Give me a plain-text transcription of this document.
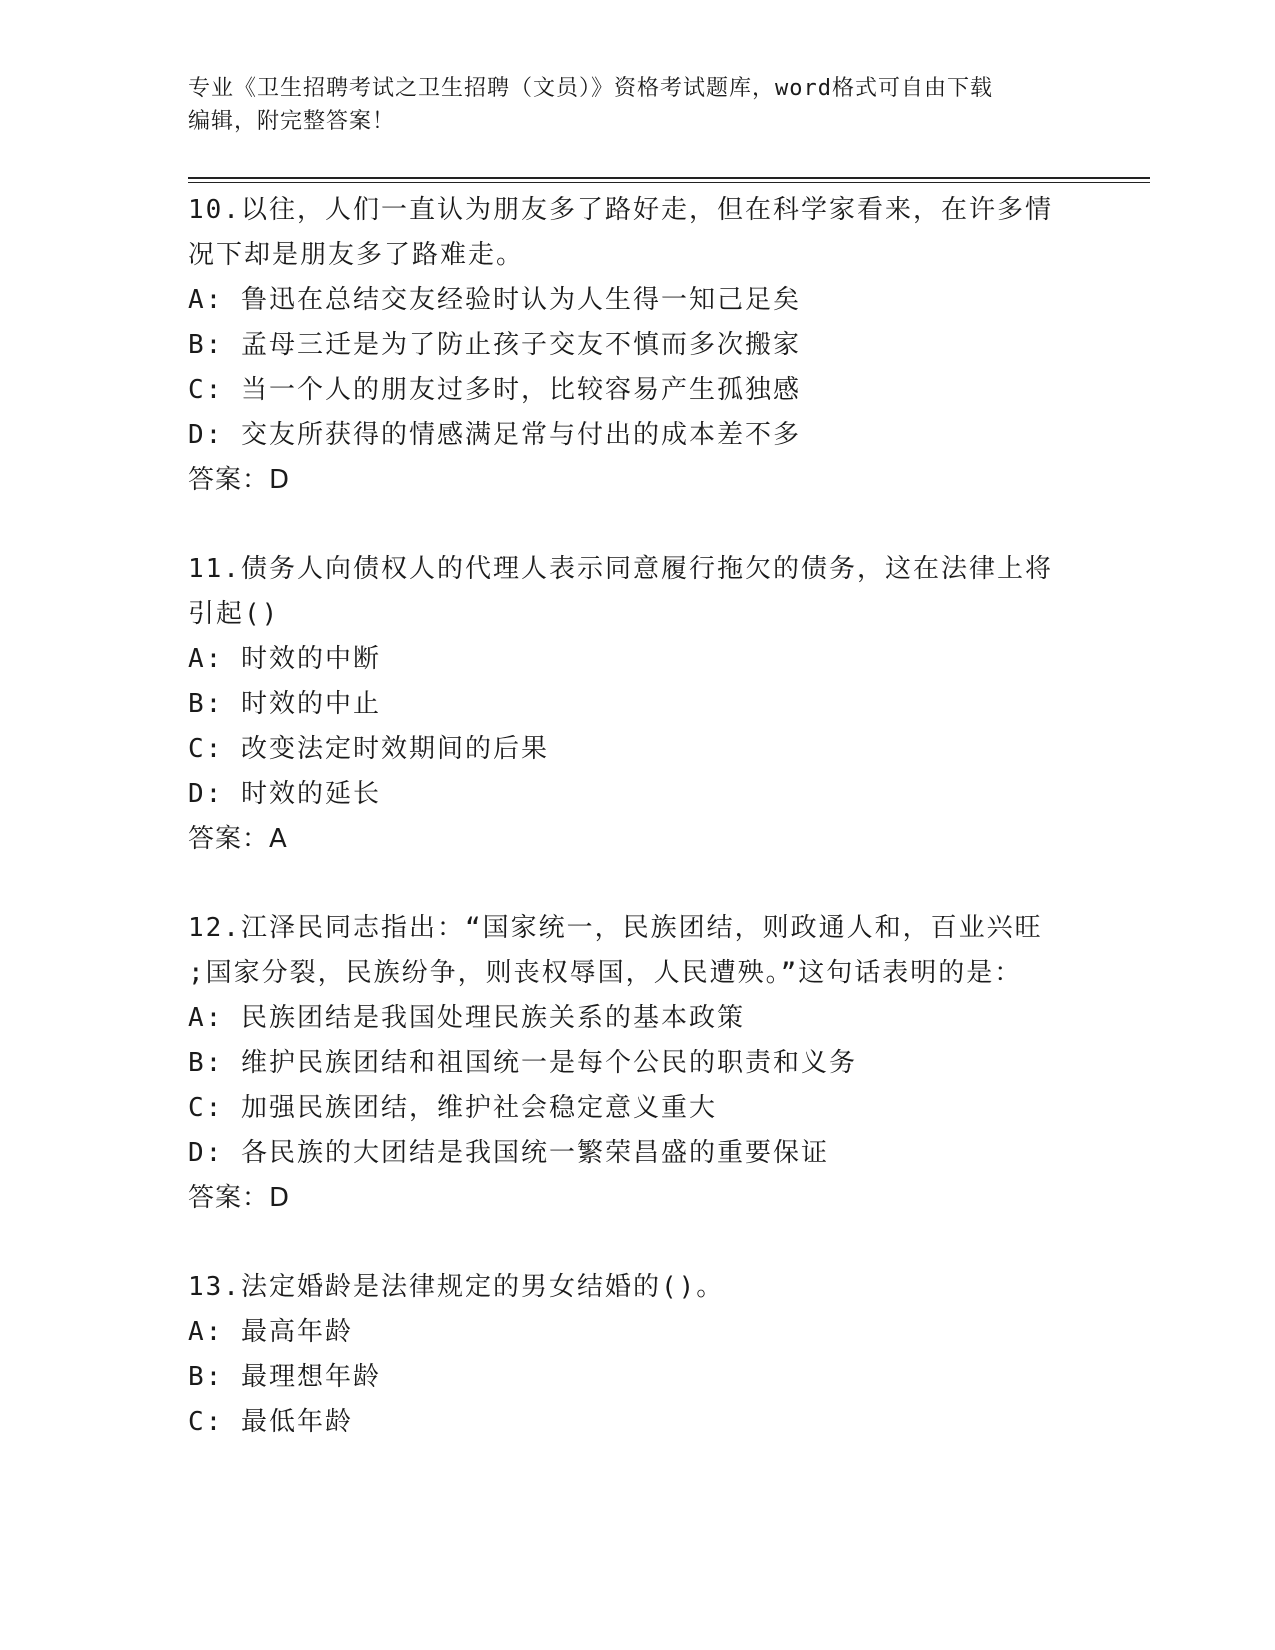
专业《卫生招聘考试之卫生招聘（文员）》资格考试题库，word格式可自由下载
编辑，附完整答案！
10.以往，人们一直认为朋友多了路好走，但在科学家看来，在许多情
况下却是朋友多了路难走。
A: 鲁迅在总结交友经验时认为人生得一知己足矣
B: 孟母三迁是为了防止孩子交友不慎而多次搬家
C: 当一个人的朋友过多时，比较容易产生孤独感
D: 交友所获得的情感满足常与付出的成本差不多
答案：D
11.债务人向债权人的代理人表示同意履行拖欠的债务，这在法律上将
引起()
A: 时效的中断
B: 时效的中止
C: 改变法定时效期间的后果
D: 时效的延长
答案：A
12.江泽民同志指出：“国家统一，民族团结，则政通人和，百业兴旺
;国家分裂，民族纷争，则丧权辱国，人民遭殃。”这句话表明的是：
A: 民族团结是我国处理民族关系的基本政策
B: 维护民族团结和祖国统一是每个公民的职责和义务
C: 加强民族团结，维护社会稳定意义重大
D: 各民族的大团结是我国统一繁荣昌盛的重要保证
答案：D
13.法定婚龄是法律规定的男女结婚的()。
A: 最高年龄
B: 最理想年龄
C: 最低年龄
